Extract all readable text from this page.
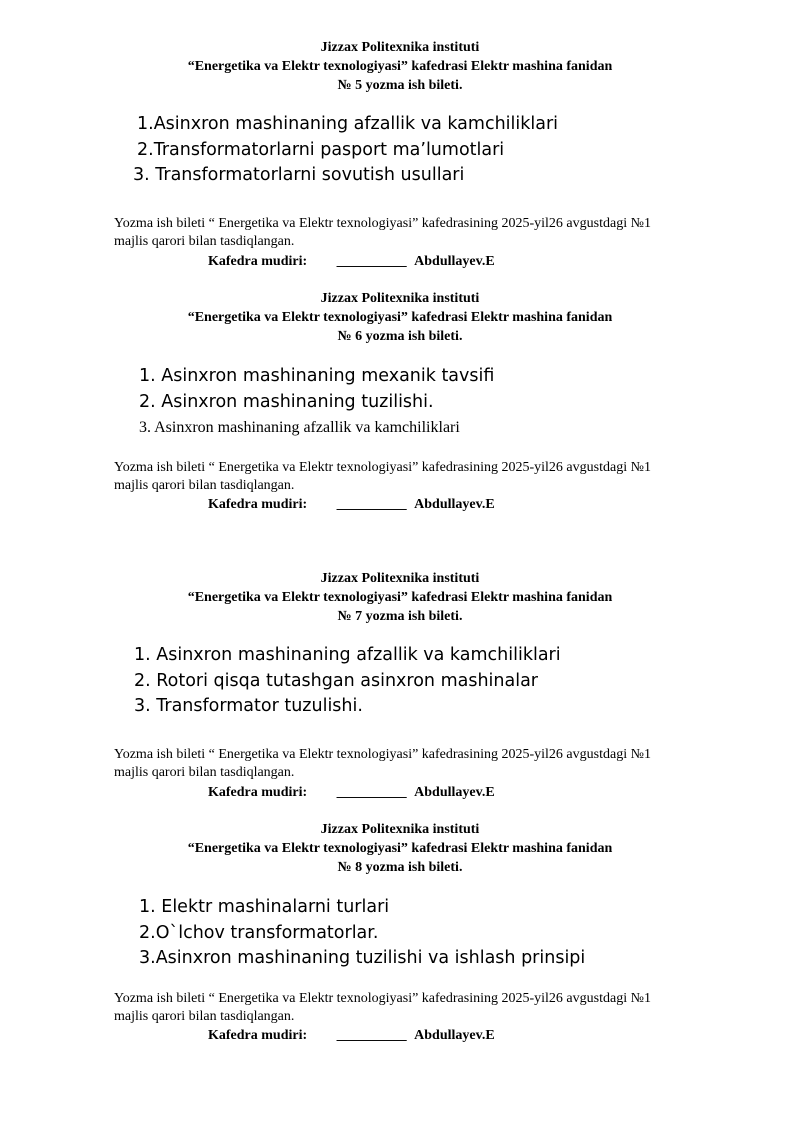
Jizzax Politexnika instituti
“Energetika va Elektr texnologiyasi” kafedrasi Elektr mashina fanidan
№ 5 yozma ish bileti.
1.Asinxron mashinaning afzallik va kamchiliklari
2.Transformatorlarni pasport ma’lumotlari
3. Transformatorlarni sovutish usullari
Yozma ish bileti “ Energetika va Elektr texnologiyasi” kafedrasining 2025-yil26 avgustdagi №1
majlis qarori bilan tasdiqlangan.
Kafedra mudiri: __________ Abdullayev.E
Jizzax Politexnika instituti
“Energetika va Elektr texnologiyasi” kafedrasi Elektr mashina fanidan
№ 6 yozma ish bileti.
1. Asinxron mashinaning mexanik tavsifi
2. Asinxron mashinaning tuzilishi.
3. Asinxron mashinaning afzallik va kamchiliklari
Yozma ish bileti “ Energetika va Elektr texnologiyasi” kafedrasining 2025-yil26 avgustdagi №1
majlis qarori bilan tasdiqlangan.
Kafedra mudiri: __________ Abdullayev.E
Jizzax Politexnika instituti
“Energetika va Elektr texnologiyasi” kafedrasi Elektr mashina fanidan
№ 7 yozma ish bileti.
1. Asinxron mashinaning afzallik va kamchiliklari
2. Rotori qisqa tutashgan asinxron mashinalar
3. Transformator tuzulishi.
Yozma ish bileti “ Energetika va Elektr texnologiyasi” kafedrasining 2025-yil26 avgustdagi №1
majlis qarori bilan tasdiqlangan.
Kafedra mudiri: __________ Abdullayev.E
Jizzax Politexnika instituti
“Energetika va Elektr texnologiyasi” kafedrasi Elektr mashina fanidan
№ 8 yozma ish bileti.
1. Elektr mashinalarni turlari
2.O`lchov transformatorlar.
3.Asinxron mashinaning tuzilishi va ishlash prinsipi
Yozma ish bileti “ Energetika va Elektr texnologiyasi” kafedrasining 2025-yil26 avgustdagi №1
majlis qarori bilan tasdiqlangan.
Kafedra mudiri: __________ Abdullayev.E
